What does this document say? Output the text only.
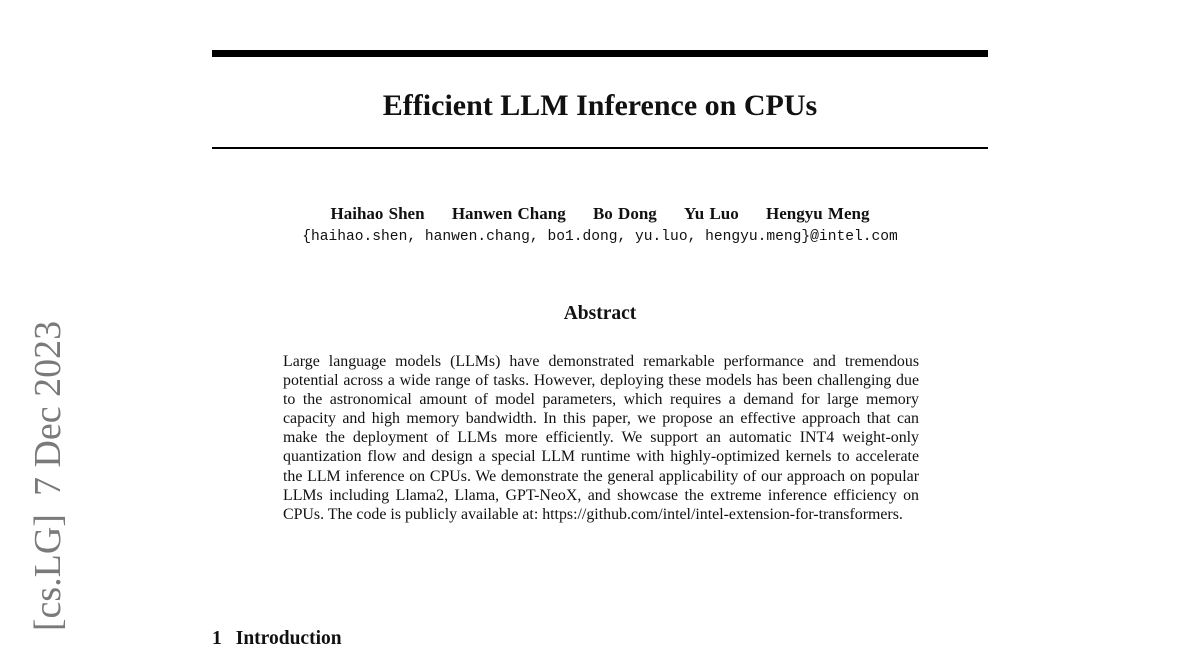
[cs.LG]7 Dec 2023
Efficient LLM Inference on CPUs
Haihao Shen Hanwen Chang Bo Dong Yu Luo Hengyu Meng
{haihao.shen, hanwen.chang, bo1.dong, yu.luo, hengyu.meng}@intel.com
Abstract

Large language models (LLMs) have demonstrated remarkable performance and tremendous potential across a wide range of tasks. However, deploying these models has been challenging due to the astronomical amount of model parameters, which requires a demand for large memory capacity and high memory bandwidth. In this paper, we propose an effective approach that can make the deployment of LLMs more efficiently. We support an automatic INT4 weight-only quantization flow and design a special LLM runtime with highly-optimized kernels to accelerate the LLM inference on CPUs. We demonstrate the general applicability of our approach on popular LLMs including Llama2, Llama, GPT-NeoX, and showcase the extreme inference efficiency on CPUs. The code is publicly available at: https://github.com/intel/intel-extension-for-transformers.

1 Introduction
